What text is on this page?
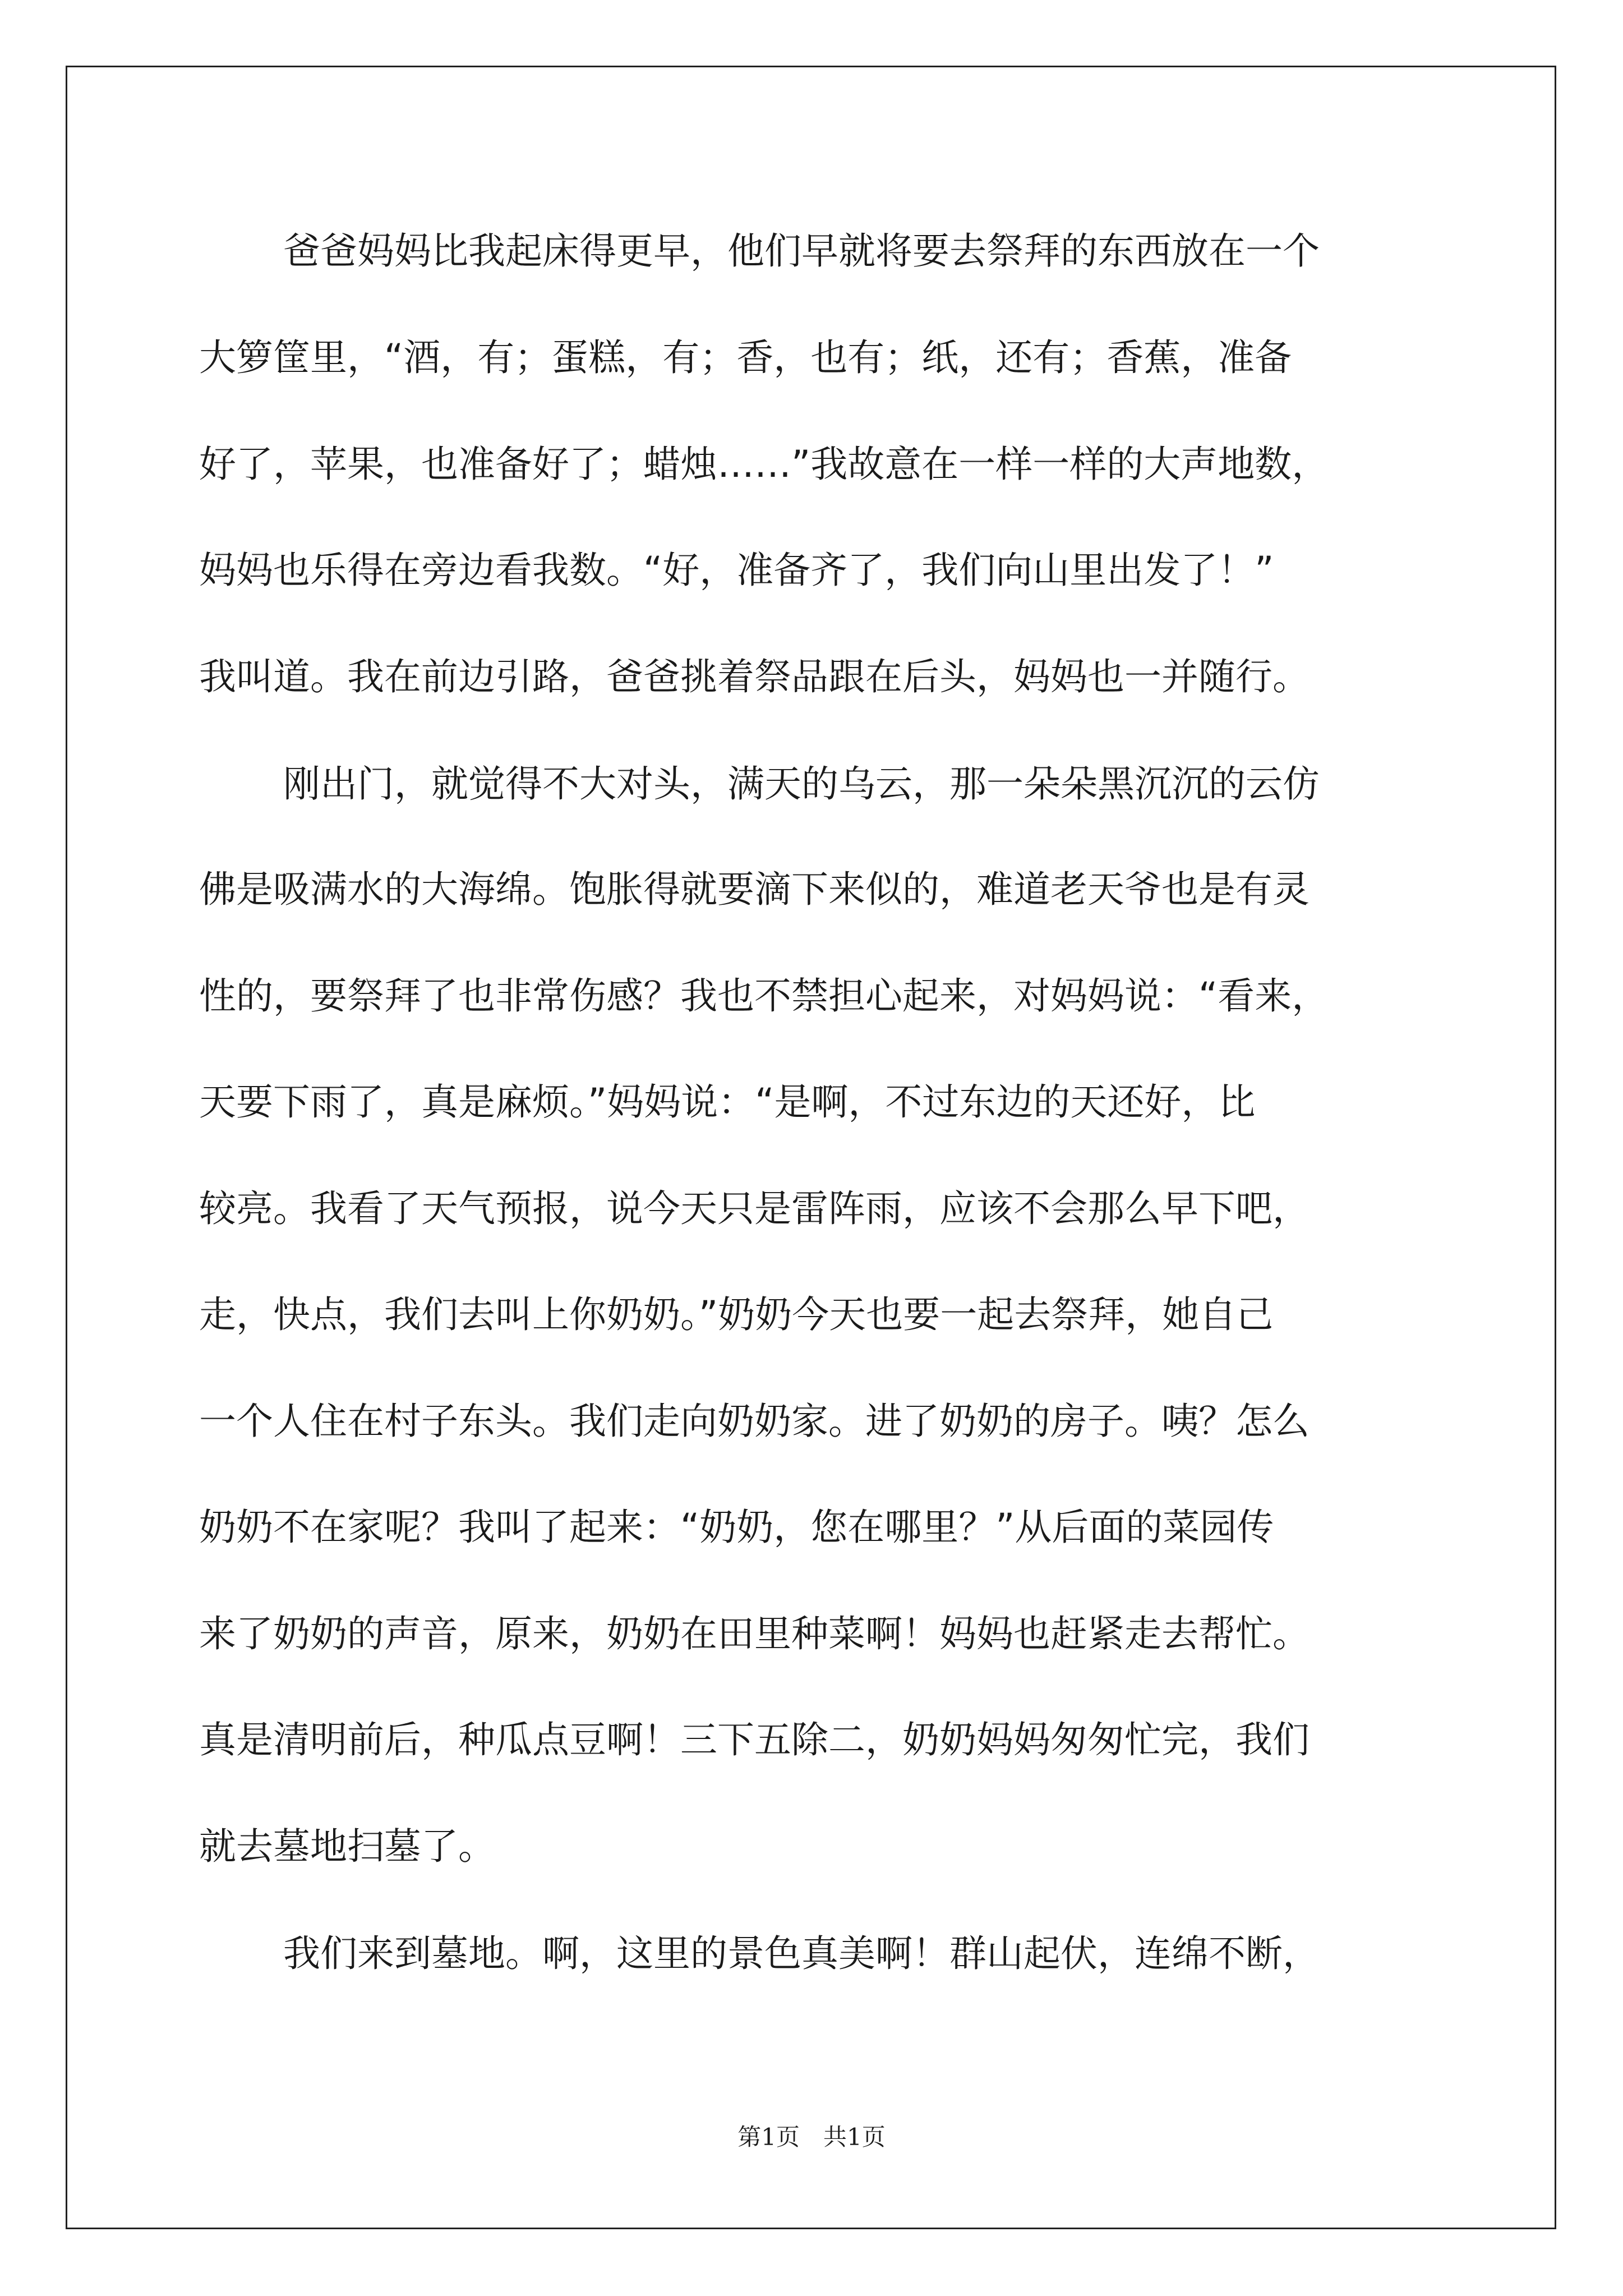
爸爸妈妈比我起床得更早，他们早就将要去祭拜的东西放在一个
大箩筐里，“酒，有；蛋糕，有；香，也有；纸，还有；香蕉，准备
好了，苹果，也准备好了；蜡烛……”我故意在一样一样的大声地数，
妈妈也乐得在旁边看我数。“好，准备齐了，我们向山里出发了！”
我叫道。我在前边引路，爸爸挑着祭品跟在后头，妈妈也一并随行。
刚出门，就觉得不大对头，满天的乌云，那一朵朵黑沉沉的云仿
佛是吸满水的大海绵。饱胀得就要滴下来似的，难道老天爷也是有灵
性的，要祭拜了也非常伤感？我也不禁担心起来，对妈妈说：“看来，
天要下雨了，真是麻烦。”妈妈说：“是啊，不过东边的天还好，比
较亮。我看了天气预报，说今天只是雷阵雨，应该不会那么早下吧，
走，快点，我们去叫上你奶奶。”奶奶今天也要一起去祭拜，她自己
一个人住在村子东头。我们走向奶奶家。进了奶奶的房子。咦？怎么
奶奶不在家呢？我叫了起来：“奶奶，您在哪里？”从后面的菜园传
来了奶奶的声音，原来，奶奶在田里种菜啊！妈妈也赶紧走去帮忙。
真是清明前后，种瓜点豆啊！三下五除二，奶奶妈妈匆匆忙完，我们
就去墓地扫墓了。
我们来到墓地。啊，这里的景色真美啊！群山起伏，连绵不断，
第1页　共1页
